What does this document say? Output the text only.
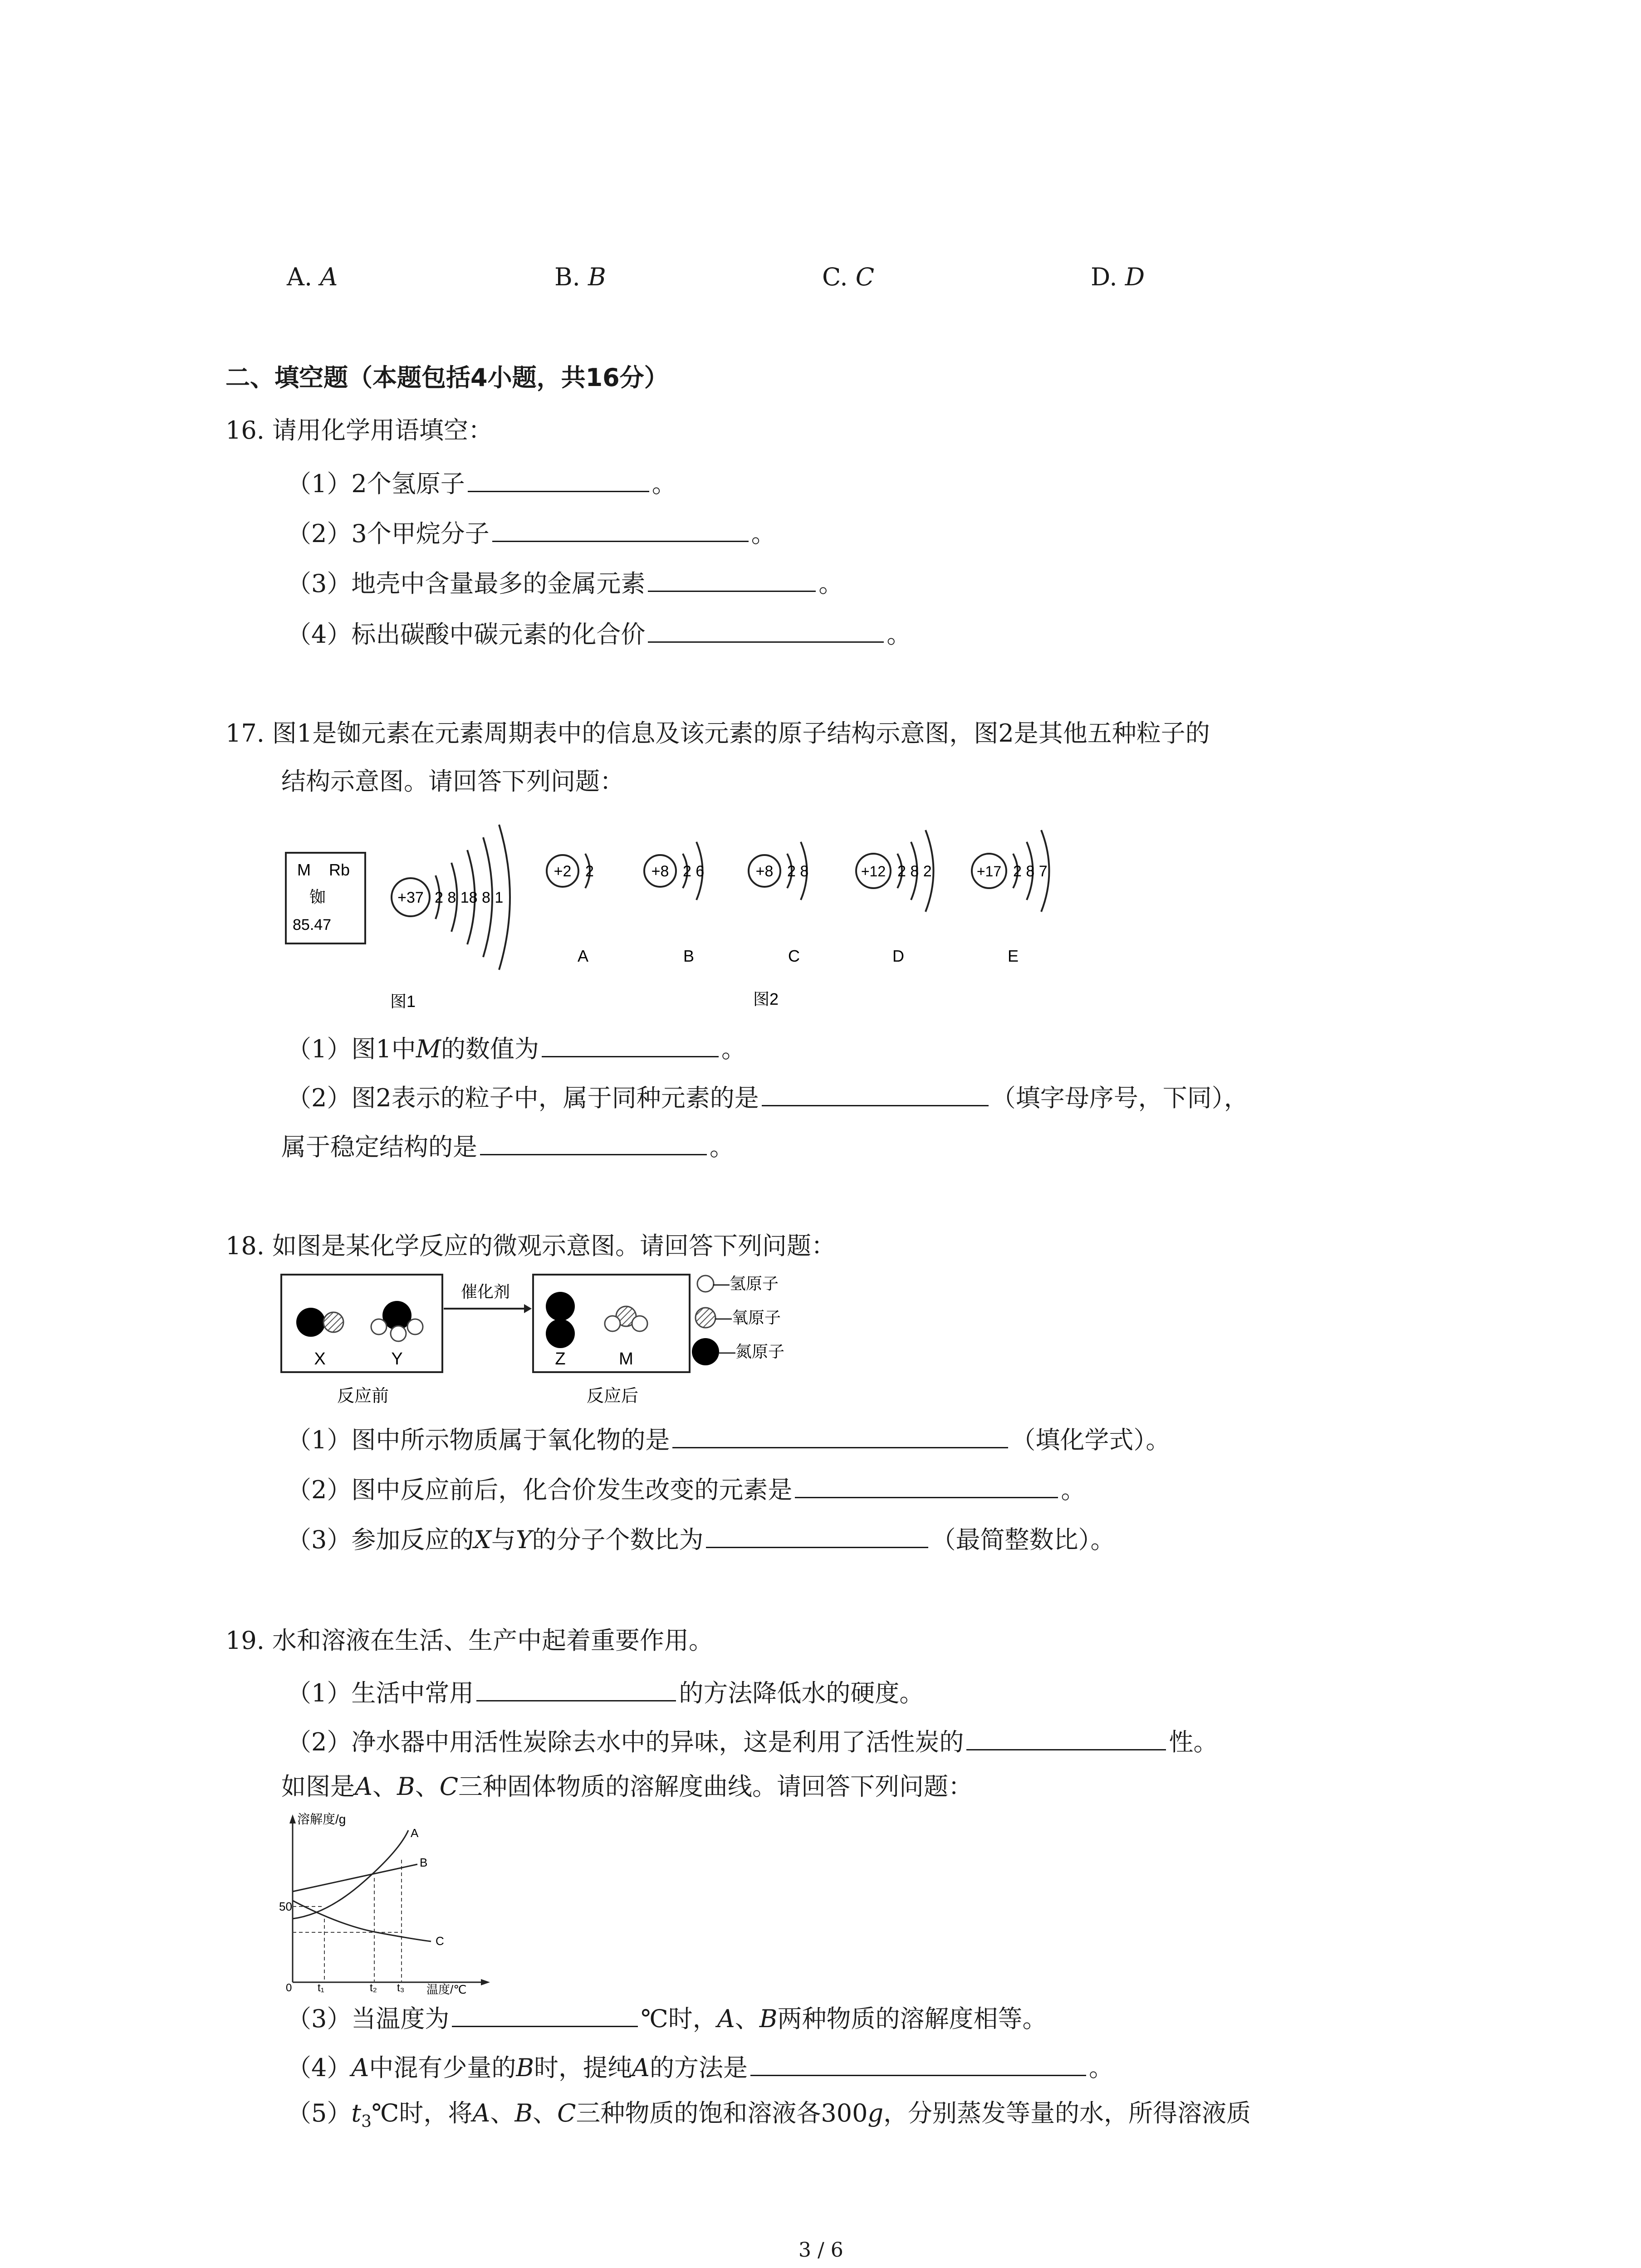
A. A	B. B	C. C	D. D
二、填空题（本题包括4小题，共16分）
16. 请用化学用语填空：
（1）2个氢原子	。
（2）3个甲烷分子	。
（3）地壳中含量最多的金属元素	。
（4）标出碳酸中碳元素的化合价	。
17. 图1是铷元素在元素周期表中的信息及该元素的原子结构示意图，图2是其他五种粒子的
结构示意图。请回答下列问题：
M Rb
铷
85.47
+37 2 8 18 8 1
图1
+2 2
A
+8 2 6
B
+8 2 8
C
+12 2 8 2
D
+17 2 8 7
E
图2
（1）图1中M的数值为	。
（2）图2表示的粒子中，属于同种元素的是	（填字母序号，下同），
属于稳定结构的是	。
18. 如图是某化学反应的微观示意图。请回答下列问题：
X	Y
反应前
催化剂
Z	M
反应后
—氢原子
—氧原子
—氮原子
（1）图中所示物质属于氧化物的是	（填化学式）。
（2）图中反应前后，化合价发生改变的元素是	。
（3）参加反应的X与Y的分子个数比为	（最简整数比）。
19. 水和溶液在生活、生产中起着重要作用。
（1）生活中常用	的方法降低水的硬度。
（2）净水器中用活性炭除去水中的异味，这是利用了活性炭的	性。
如图是A、B、C三种固体物质的溶解度曲线。请回答下列问题：
溶解度/g
温度/℃
50
0 t₁	t₂ t₃
A
B
C
（3）当温度为	℃时，A、B两种物质的溶解度相等。
（4）A中混有少量的B时，提纯A的方法是	。
$(5)t_3℃$时，将A、B、C三种物质的饱和溶液各300g，分别蒸发等量的水，所得溶液质
3 / 6
